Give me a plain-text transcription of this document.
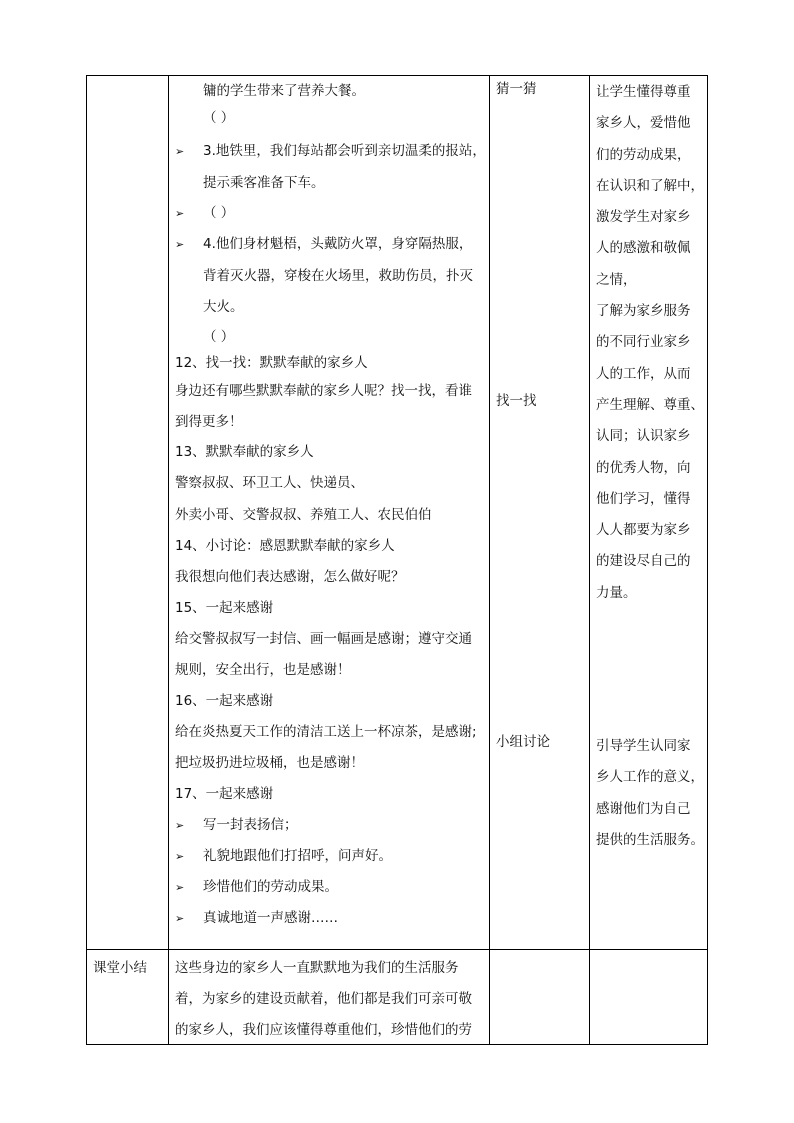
镛的学生带来了营养大餐。
（ ）
3.地铁里，我们每站都会听到亲切温柔的报站，
➢
提示乘客准备下车。
（ ）
➢
4.他们身材魁梧，头戴防火罩，身穿隔热服，
➢
背着灭火器，穿梭在火场里，救助伤员，扑灭
大火。
（ ）
12、找一找：默默奉献的家乡人
身边还有哪些默默奉献的家乡人呢？找一找，看谁
到得更多！
13、默默奉献的家乡人
警察叔叔、环卫工人、快递员、
外卖小哥、交警叔叔、养殖工人、农民伯伯
14、小讨论：感恩默默奉献的家乡人
我很想向他们表达感谢，怎么做好呢？
15、一起来感谢
给交警叔叔写一封信、画一幅画是感谢；遵守交通
规则，安全出行，也是感谢！
16、一起来感谢
给在炎热夏天工作的清洁工送上一杯凉茶，是感谢;
把垃圾扔进垃圾桶，也是感谢！
17、一起来感谢
写一封表扬信；
➢
礼貌地跟他们打招呼，问声好。
➢
珍惜他们的劳动成果。
➢
真诚地道一声感谢……
➢
猜一猜
找一找
小组讨论
让学生懂得尊重
家乡人，爱惜他
们的劳动成果，
在认识和了解中，
激发学生对家乡
人的感激和敬佩
之情，
了解为家乡服务
的不同行业家乡
人的工作，从而
产生理解、尊重、
认同；认识家乡
的优秀人物，向
他们学习，懂得
人人都要为家乡
的建设尽自己的
力量。
引导学生认同家
乡人工作的意义，
感谢他们为自己
提供的生活服务。
课堂小结 这些身边的家乡人一直默默地为我们的生活服务
着，为家乡的建设贡献着，他们都是我们可亲可敬
的家乡人，我们应该懂得尊重他们，珍惜他们的劳
